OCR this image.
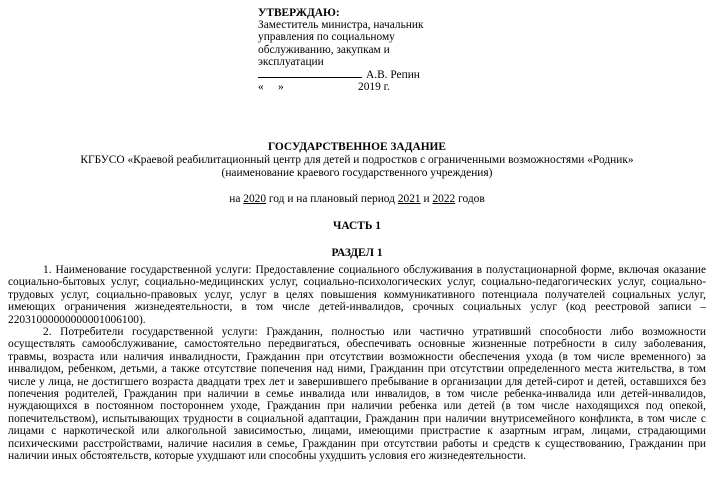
УТВЕРЖДАЮ:
Заместитель министра, начальник
управления по социальному
обслуживанию, закупкам и
эксплуатации
А.В. Репин
« »	2019 г.
ГОСУДАРСТВЕННОЕ ЗАДАНИЕ
КГБУСО «Краевой реабилитационный центр для детей и подростков с ограниченными возможностями «Родник»
(наименование краевого государственного учреждения)
на 2020 год и на плановый период 2021 и 2022 годов
ЧАСТЬ 1
РАЗДЕЛ 1

1. Наименование государственной услуги: Предоставление социального обслуживания в полустационарной форме, включая оказание социально-бытовых услуг, социально-медицинских услуг, социально-психологических услуг, социально-педагогических услуг, социально-трудовых услуг, социально-правовых услуг, услуг в целях повышения коммуникативного потенциала получателей социальных услуг, имеющих ограничения жизнедеятельности, в том числе детей-инвалидов, срочных социальных услуг (код реестровой записи – 22031000000000001006100).

2. Потребители государственной услуги: Гражданин, полностью или частично утративший способности либо возможности осуществлять самообслуживание, самостоятельно передвигаться, обеспечивать основные жизненные потребности в силу заболевания, травмы, возраста или наличия инвалидности, Гражданин при отсутствии возможности обеспечения ухода (в том числе временного) за инвалидом, ребенком, детьми, а также отсутствие попечения над ними, Гражданин при отсутствии определенного места жительства, в том числе у лица, не достигшего возраста двадцати трех лет и завершившего пребывание в организации для детей-сирот и детей, оставшихся без попечения родителей, Гражданин при наличии в семье инвалида или инвалидов, в том числе ребенка-инвалида или детей-инвалидов, нуждающихся в постоянном постороннем уходе, Гражданин при наличии ребенка или детей (в том числе находящихся под опекой, попечительством), испытывающих трудности в социальной адаптации, Гражданин при наличии внутрисемейного конфликта, в том числе с лицами с наркотической или алкогольной зависимостью, лицами, имеющими пристрастие к азартным играм, лицами, страдающими психическими расстройствами, наличие насилия в семье, Гражданин при отсутствии работы и средств к существованию, Гражданин при наличии иных обстоятельств, которые ухудшают или способны ухудшить условия его жизнедеятельности.
